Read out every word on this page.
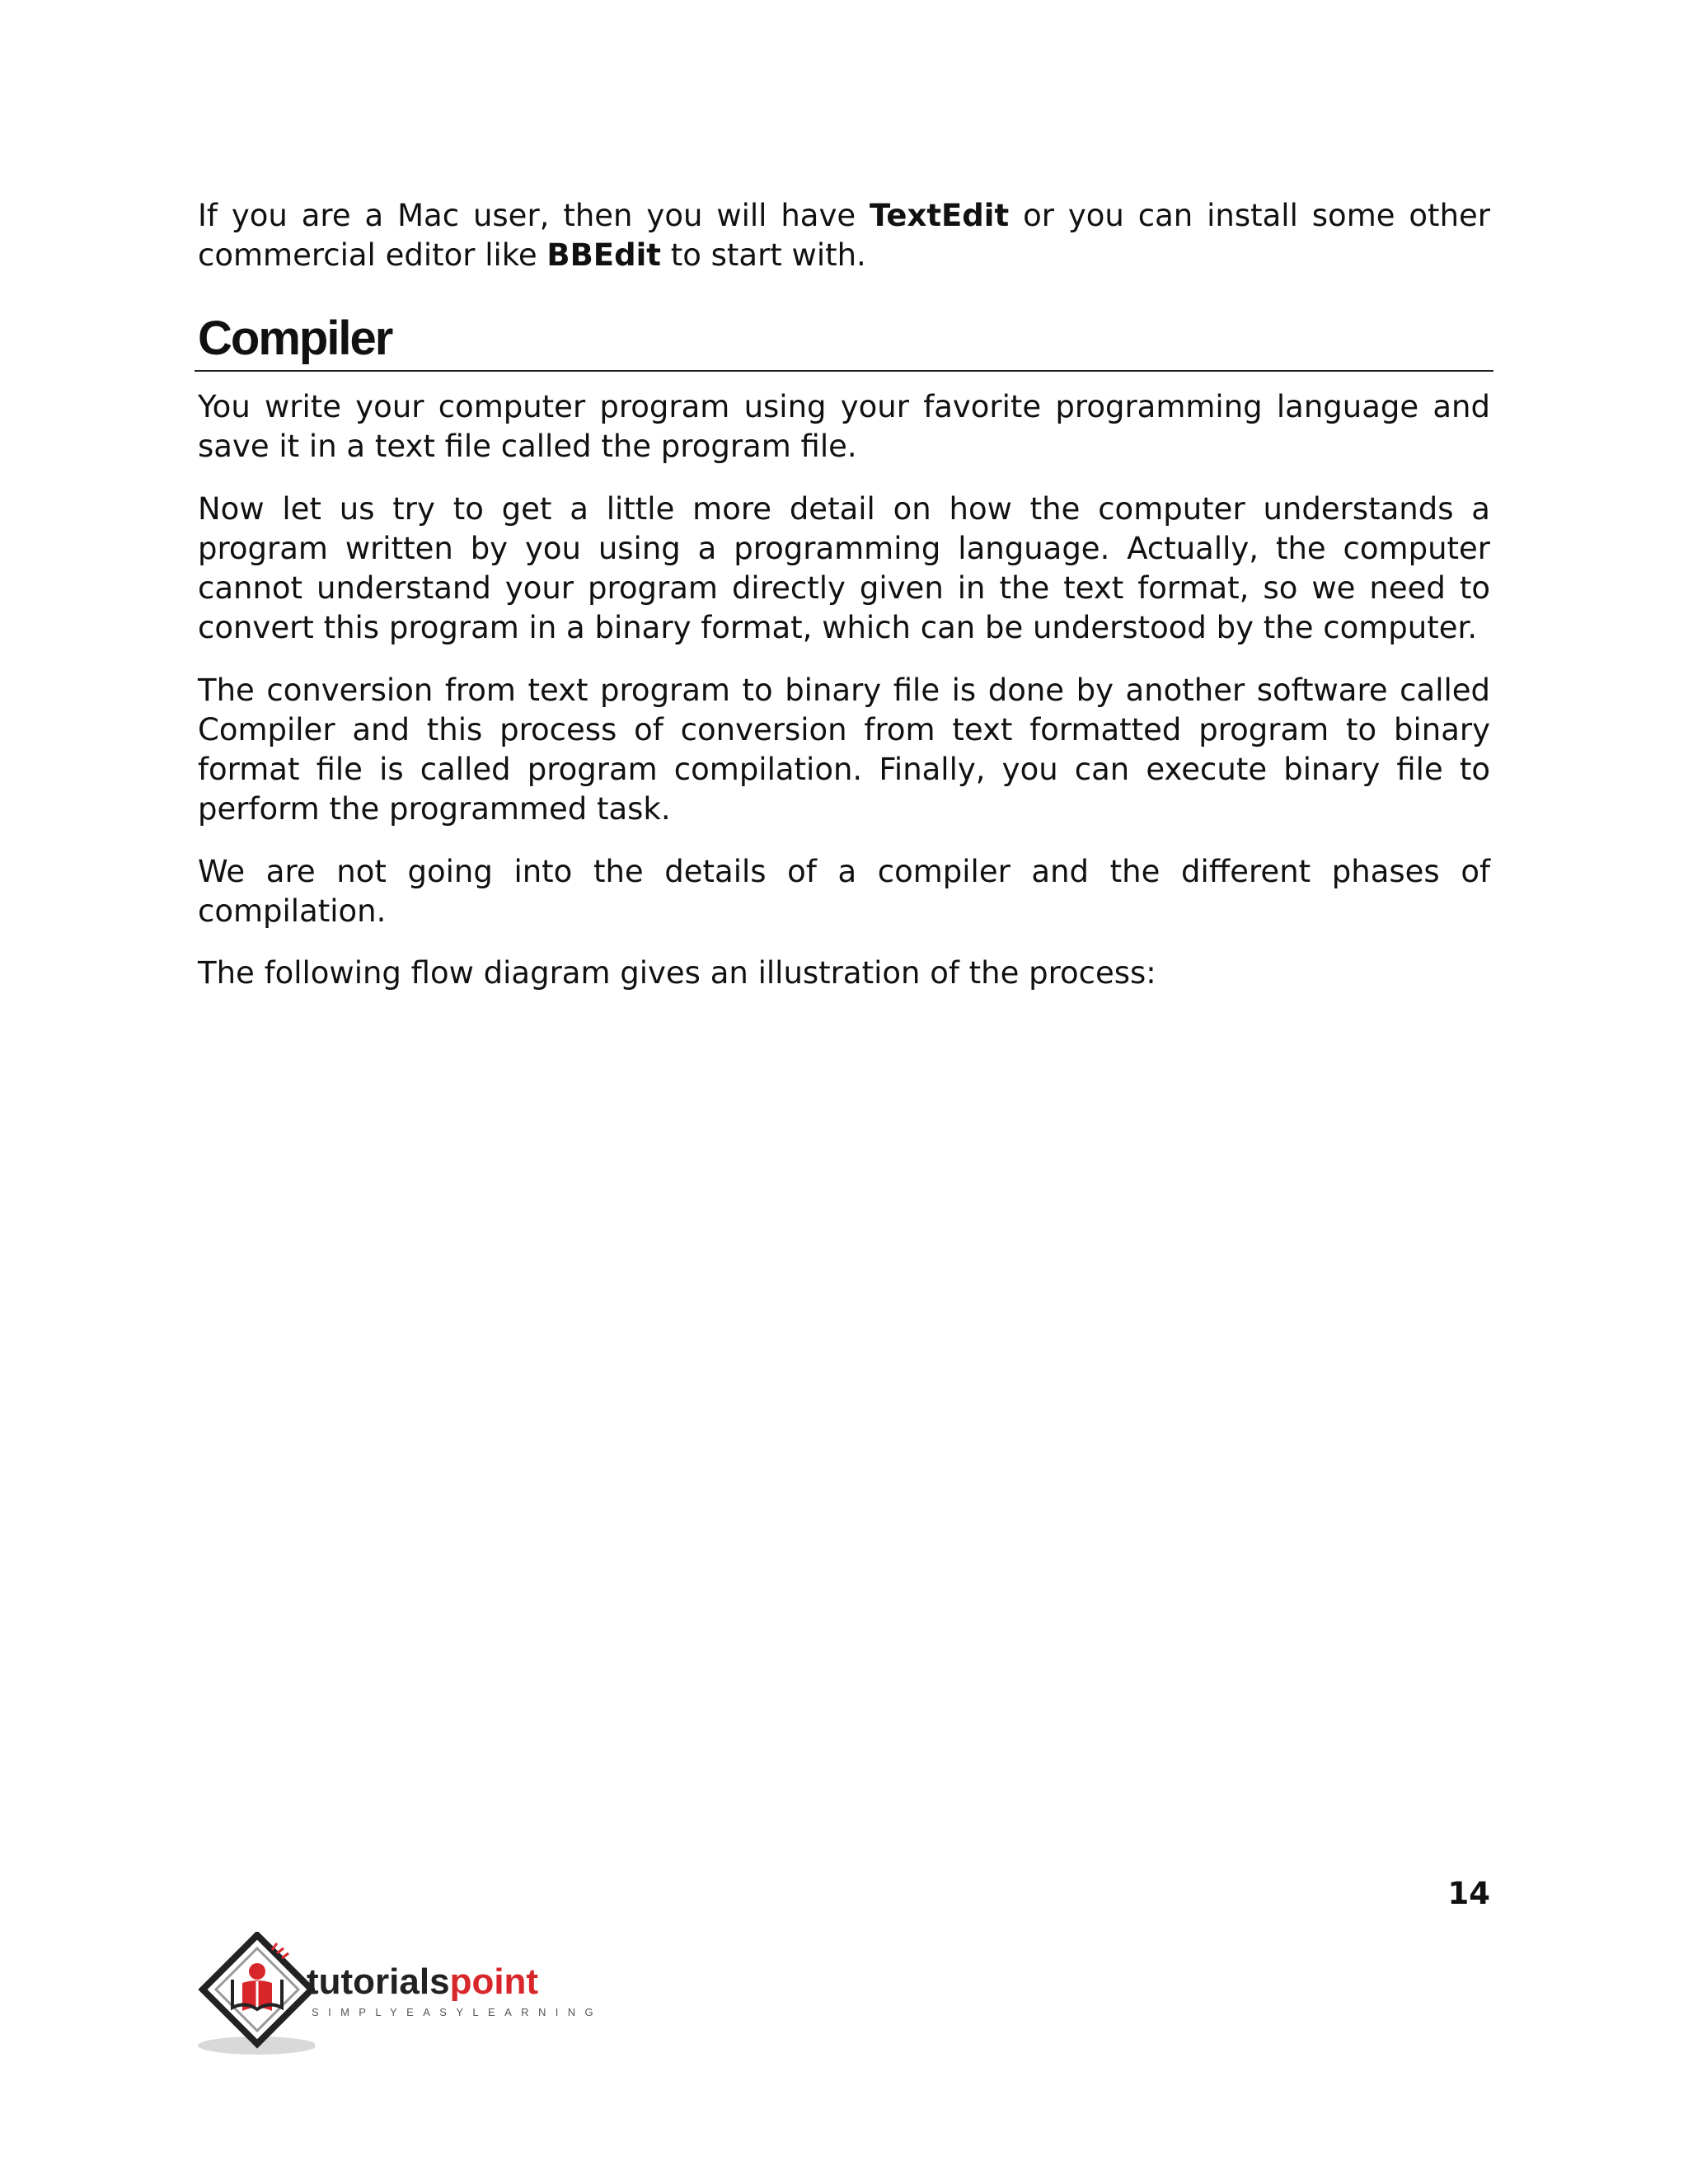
If you are a Mac user, then you will have TextEdit or you can install some other commercial editor like BBEdit to start with.

Compiler

You write your computer program using your favorite programming language and save it in a text file called the program file.

Now let us try to get a little more detail on how the computer understands a program written by you using a programming language. Actually, the computer cannot understand your program directly given in the text format, so we need to convert this program in a binary format, which can be understood by the computer.

The conversion from text program to binary file is done by another software called Compiler and this process of conversion from text formatted program to binary format file is called program compilation. Finally, you can execute binary file to perform the programmed task.

We are not going into the details of a compiler and the different phases of compilation.

The following flow diagram gives an illustration of the process:

14
tutorialspoint
SIMPLYEASYLEARNING
